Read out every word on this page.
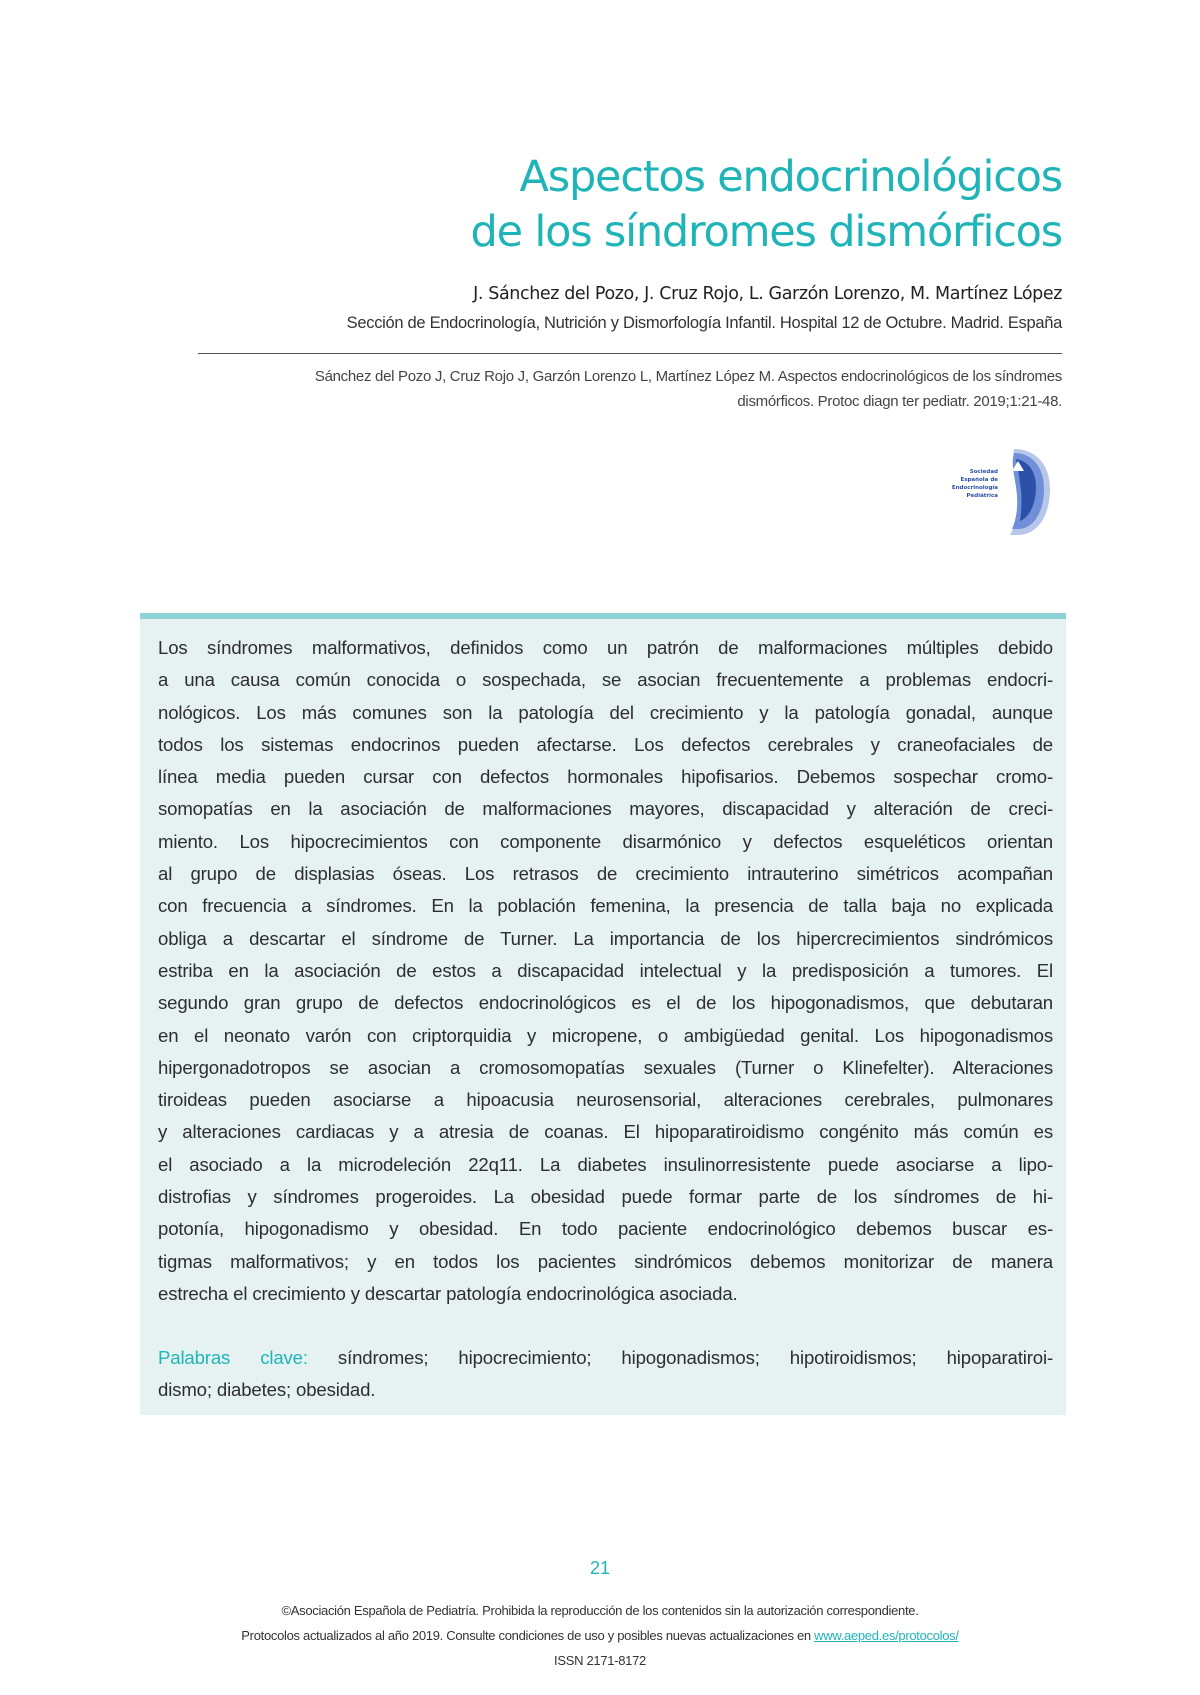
Aspectos endocrinológicos
de los síndromes dismórficos
J. Sánchez del Pozo, J. Cruz Rojo, L. Garzón Lorenzo, M. Martínez López
Sección de Endocrinología, Nutrición y Dismorfología Infantil. Hospital 12 de Octubre. Madrid. España
Sánchez del Pozo J, Cruz Rojo J, Garzón Lorenzo L, Martínez López M. Aspectos endocrinológicos de los síndromes
dismórficos. Protoc diagn ter pediatr. 2019;1:21-48.
Sociedad
Española de
Endocrinología
Pediátrica
Los síndromes malformativos, definidos como un patrón de malformaciones múltiples debido
a una causa común conocida o sospechada, se asocian frecuentemente a problemas endocri-
nológicos. Los más comunes son la patología del crecimiento y la patología gonadal, aunque
todos los sistemas endocrinos pueden afectarse. Los defectos cerebrales y craneofaciales de
línea media pueden cursar con defectos hormonales hipofisarios. Debemos sospechar cromo-
somopatías en la asociación de malformaciones mayores, discapacidad y alteración de creci-
miento. Los hipocrecimientos con componente disarmónico y defectos esqueléticos orientan
al grupo de displasias óseas. Los retrasos de crecimiento intrauterino simétricos acompañan
con frecuencia a síndromes. En la población femenina, la presencia de talla baja no explicada
obliga a descartar el síndrome de Turner. La importancia de los hipercrecimientos sindrómicos
estriba en la asociación de estos a discapacidad intelectual y la predisposición a tumores. El
segundo gran grupo de defectos endocrinológicos es el de los hipogonadismos, que debutaran
en el neonato varón con criptorquidia y micropene, o ambigüedad genital. Los hipogonadismos
hipergonadotropos se asocian a cromosomopatías sexuales (Turner o Klinefelter). Alteraciones
tiroideas pueden asociarse a hipoacusia neurosensorial, alteraciones cerebrales, pulmonares
y alteraciones cardiacas y a atresia de coanas. El hipoparatiroidismo congénito más común es
el asociado a la microdeleción 22q11. La diabetes insulinorresistente puede asociarse a lipo-
distrofias y síndromes progeroides. La obesidad puede formar parte de los síndromes de hi-
potonía, hipogonadismo y obesidad. En todo paciente endocrinológico debemos buscar es-
tigmas malformativos; y en todos los pacientes sindrómicos debemos monitorizar de manera
estrecha el crecimiento y descartar patología endocrinológica asociada.
Palabras clave: síndromes; hipocrecimiento; hipogonadismos; hipotiroidismos; hipoparatiroi-
dismo; diabetes; obesidad.
21
©Asociación Española de Pediatría. Prohibida la reproducción de los contenidos sin la autorización correspondiente.
Protocolos actualizados al año 2019. Consulte condiciones de uso y posibles nuevas actualizaciones en www.aeped.es/protocolos/
ISSN 2171-8172
